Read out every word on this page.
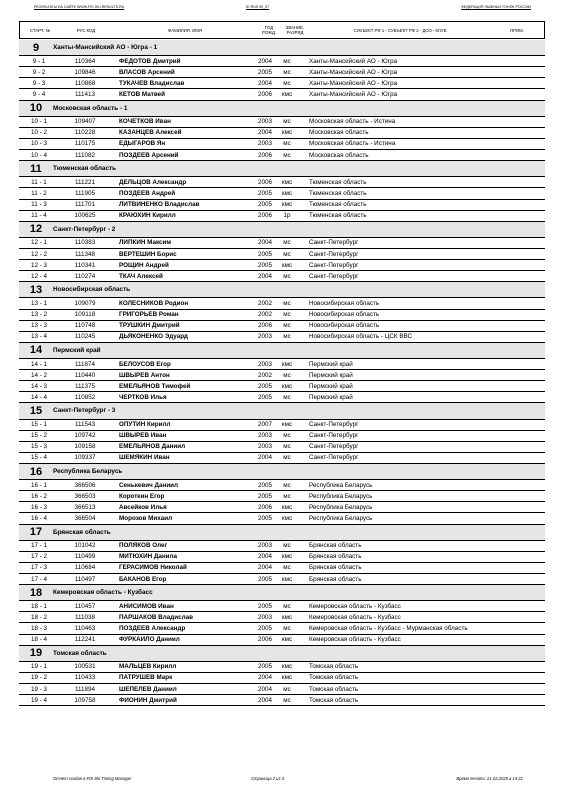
РЕЗУЛЬТАТЫ НА САЙТЕ WWW.FIS-SKI-RESULTS.RU	ID RUS 00_07	ФЕДЕРАЦИЯ ЛЫЖНЫХ ГОНОК РОССИИ
СТАРТ. №	РУС КОД	ФАМИЛИЯ, ИМЯ	ГОД РОЖД.
ЗВАНИЕ, РАЗРЯД	СУБЪЕКТ РФ 1 - СУБЪЕКТ РФ 2 - ДСО - КЛУБ	ПРИМ.
9	Ханты-Мансийский АО - Югра - 1
9 - 1	110364	ФЕДОТОВ Дмитрий	2004	мс	Ханты-Мансийский АО - Югра
9 - 2	109846	ВЛАСОВ Арсений	2005	мс	Ханты-Мансийский АО - Югра
9 - 3	110868	ТУКАЧЕВ Владислав	2004	мс	Ханты-Мансийский АО - Югра
9 - 4	111413	КЕТОВ Матвей	2006	кмс	Ханты-Мансийский АО - Югра
10	Московская область - 1
10 - 1	109407	КОЧЕТКОВ Иван	2003	мс	Московская область - Истина
10 - 2	110228	КАЗАНЦЕВ Алексей	2004	кмс	Московская область
10 - 3	110175	ЕДЫГАРОВ Ян	2003	мс	Московская область - Истина
10 - 4	111082	ПОЗДЕЕВ Арсений	2006	мс	Московская область
11	Тюменская область
11 - 1	111221	ДЕЛЬЦОВ Александр	2006	кмс	Тюменская область
11 - 2	111905	ПОЗДЕЕВ Андрей	2005	кмс	Тюменская область
11 - 3	111701	ЛИТВИНЕНКО Владислав	2005	кмс	Тюменская область
11 - 4	100625	КРАЮХИН Кирилл	2006	1р	Тюменская область
12	Санкт-Петербург - 2
12 - 1	110383	ЛИПКИН Максим	2004	мс	Санкт-Петербург
12 - 2	111348	ВЕРТЕШИН Борис	2005	мс	Санкт-Петербург
12 - 3	110341	РОЩИН Андрей	2005	кмс	Санкт-Петербург
12 - 4	110274	ТКАЧ Алексей	2004	мс	Санкт-Петербург
13	Новосибирская область
13 - 1	109079	КОЛЕСНИКОВ Родион	2002	мс	Новосибирская область
13 - 2	109118	ГРИГОРЬЕВ Роман	2002	мс	Новосибирская область
13 - 3	110748	ТРУШКИН Дмитрий	2006	мс	Новосибирская область
13 - 4	110245	ДЬЯКОНЕНКО Эдуард	2003	мс	Новосибирская область - ЦСК ВВС
14	Пермский край
14 - 1	111874	БЕЛОУСОВ Егор	2003	кмс	Пермский край
14 - 2	110440	ШВЫРЕВ Антон	2002	мс	Пермский край
14 - 3	111375	ЕМЕЛЬЯНОВ Тимофей	2005	кмс	Пермский край
14 - 4	110852	ЧЕРТКОВ Илья	2005	мс	Пермский край
15	Санкт-Петербург - 3
15 - 1	111543	ОПУТИН Кирилл	2007	кмс	Санкт-Петербург
15 - 2	109742	ШВЫРЕВ Иван	2003	мс	Санкт-Петербург
15 - 3	109158	ЕМЕЛЬЯНОВ Даниил	2003	мс	Санкт-Петербург
15 - 4	109337	ШЕМЯКИН Иван	2004	мс	Санкт-Петербург
16	Республика Беларусь
16 - 1	366506	Сенькевич Даниил	2005	мс	Республика Беларусь
16 - 2	366503	Короткин Егор	2005	мс	Республика Беларусь
16 - 3	366513	Авсейков Илья	2006	кмс	Республика Беларусь
16 - 4	366504	Морозов Михаил	2005	кмс	Республика Беларусь
17	Брянская область
17 - 1	101042	ПОЛЯКОВ Олег	2003	мс	Брянская область
17 - 2	110499	МИТЮХИН Данила	2004	кмс	Брянская область
17 - 3	110684	ГЕРАСИМОВ Николай	2004	мс	Брянская область
17 - 4	110497	БАКАНОВ Егор	2005	кмс	Брянская область
18	Кемеровская область - Кузбасс
18 - 1	110457	АНИСИМОВ Иван	2005	мс	Кемеровская область - Кузбасс
18 - 2	111038	ПАРШАКОВ Владислав	2003	кмс	Кемеровская область - Кузбасс
18 - 3	110463	ПОЗДЕЕВ Александр	2005	мс	Кемеровская область - Кузбасс - Мурманская область
18 - 4	112241	ФУРКАЙЛО Даниил	2006	кмс	Кемеровская область - Кузбасс
19	Томская область
19 - 1	100531	МАЛЬЦЕВ Кирилл	2005	кмс	Томская область
19 - 2	110433	ПАТРУШЕВ Марк	2004	кмс	Томская область
19 - 3	111894	ШЕПЕЛЕВ Даниил	2004	мс	Томская область
19 - 4	109758	ФИОНИН Дмитрий	2004	мс	Томская область
Отчет создан в FIS Ski Timing Manager	Страница 2 из 3	Время печати: 21.02.2025 в 14:21
